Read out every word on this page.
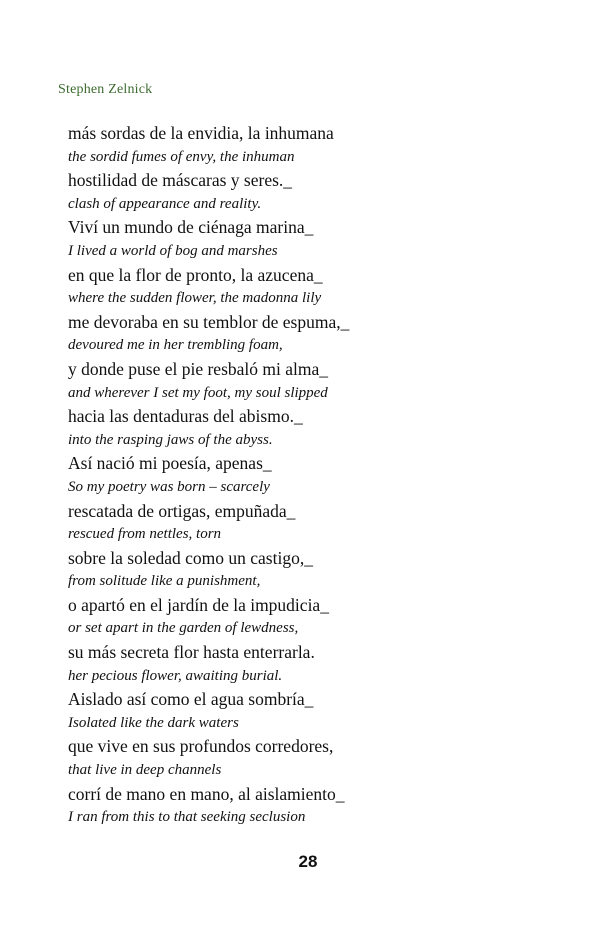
Stephen Zelnick
más sordas de la envidia, la inhumana
the sordid fumes of envy, the inhuman
hostilidad de máscaras y seres._
clash of appearance and reality.
Viví un mundo de ciénaga marina_
I lived a world of bog and marshes
en que la flor de pronto, la azucena_
where the sudden flower, the madonna lily
me devoraba en su temblor de espuma,_
devoured me in her trembling foam,
y donde puse el pie resbaló mi alma_
and wherever I set my foot, my soul slipped
hacia las dentaduras del abismo._
into the rasping jaws of the abyss.
Así nació mi poesía, apenas_
So my poetry was born – scarcely
rescatada de ortigas, empuñada_
rescued from nettles, torn
sobre la soledad como un castigo,_
from solitude like a punishment,
o apartó en el jardín de la impudicia_
or set apart in the garden of lewdness,
su más secreta flor hasta enterrarla.
her pecious flower, awaiting burial.
Aislado así como el agua sombría_
Isolated like the dark waters
que vive en sus profundos corredores,
that live in deep channels
corrí de mano en mano, al aislamiento_
I ran from this to that seeking seclusion
28
